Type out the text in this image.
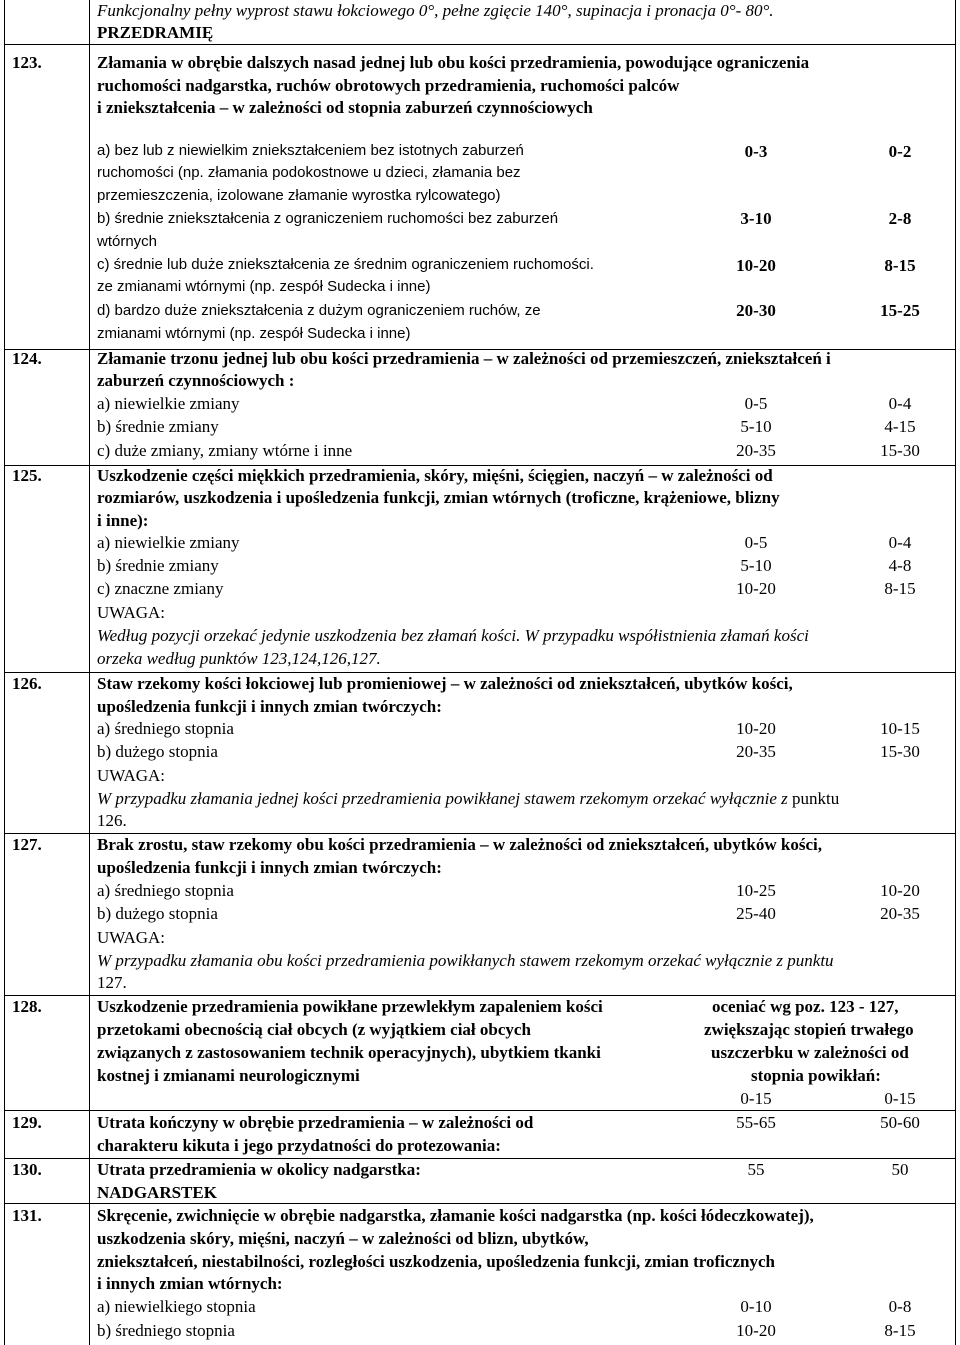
Funkcjonalny pełny wyprost stawu łokciowego 0°, pełne zgięcie 140°, supinacja i pronacja 0°- 80°.
PRZEDRAMIĘ
123.	Złamania w obrębie dalszych nasad jednej lub obu kości przedramienia, powodujące ograniczenia
ruchomości nadgarstka, ruchów obrotowych przedramienia, ruchomości palców
i zniekształcenia – w zależności od stopnia zaburzeń czynnościowych
a) bez lub z niewielkim zniekształceniem bez istotnych zaburzeń
ruchomości (np. złamania podokostnowe u dzieci, złamania bez
przemieszczenia, izolowane złamanie wyrostka rylcowatego)
0-3	0-2
b) średnie zniekształcenia z ograniczeniem ruchomości bez zaburzeń
wtórnych
3-10	2-8
c) średnie lub duże zniekształcenia ze średnim ograniczeniem ruchomości.
ze zmianami wtórnymi (np. zespół Sudecka i inne)
10-20	8-15
d) bardzo duże zniekształcenia z dużym ograniczeniem ruchów, ze
zmianami wtórnymi (np. zespół Sudecka i inne)
20-30	15-25
124.	Złamanie trzonu jednej lub obu kości przedramienia – w zależności od przemieszczeń, zniekształceń i
zaburzeń czynnościowych :
a) niewielkie zmiany	0-5	0-4
b) średnie zmiany	5-10	4-15
c) duże zmiany, zmiany wtórne i inne	20-35	15-30
125.	Uszkodzenie części miękkich przedramienia, skóry, mięśni, ścięgien, naczyń – w zależności od
rozmiarów, uszkodzenia i upośledzenia funkcji, zmian wtórnych (troficzne, krążeniowe, blizny
i inne):
a) niewielkie zmiany	0-5	0-4
b) średnie zmiany	5-10	4-8
c) znaczne zmiany	10-20	8-15
UWAGA:
Według pozycji orzekać jedynie uszkodzenia bez złamań kości. W przypadku współistnienia złamań kości
orzeka według punktów 123,124,126,127.
126.	Staw rzekomy kości łokciowej lub promieniowej – w zależności od zniekształceń, ubytków kości,
upośledzenia funkcji i innych zmian twórczych:
a) średniego stopnia	10-20	10-15
b) dużego stopnia	20-35	15-30
UWAGA:
W przypadku złamania jednej kości przedramienia powikłanej stawem rzekomym orzekać wyłącznie z punktu
126.
127.	Brak zrostu, staw rzekomy obu kości przedramienia – w zależności od zniekształceń, ubytków kości,
upośledzenia funkcji i innych zmian twórczych:
a) średniego stopnia	10-25	10-20
b) dużego stopnia	25-40	20-35
UWAGA:
W przypadku złamania obu kości przedramienia powikłanych stawem rzekomym orzekać wyłącznie z punktu
127.
128.	Uszkodzenie przedramienia powikłane przewlekłym zapaleniem kości
przetokami obecnością ciał obcych (z wyjątkiem ciał obcych
związanych z zastosowaniem technik operacyjnych), ubytkiem tkanki
kostnej i zmianami neurologicznymi
oceniać wg poz. 123 - 127,
zwiększając stopień trwałego
uszczerbku w zależności od
stopnia powikłań:
0-15	0-15
129.	Utrata kończyny w obrębie przedramienia – w zależności od
charakteru kikuta i jego przydatności do protezowania:
55-65	50-60
130.	Utrata przedramienia w okolicy nadgarstka:	55	50
NADGARSTEK
131.	Skręcenie, zwichnięcie w obrębie nadgarstka, złamanie kości nadgarstka (np. kości łódeczkowatej),
uszkodzenia skóry, mięśni, naczyń – w zależności od blizn, ubytków,
zniekształceń, niestabilności, rozległości uszkodzenia, upośledzenia funkcji, zmian troficznych
i innych zmian wtórnych:
a) niewielkiego stopnia	0-10	0-8
b) średniego stopnia	10-20	8-15
